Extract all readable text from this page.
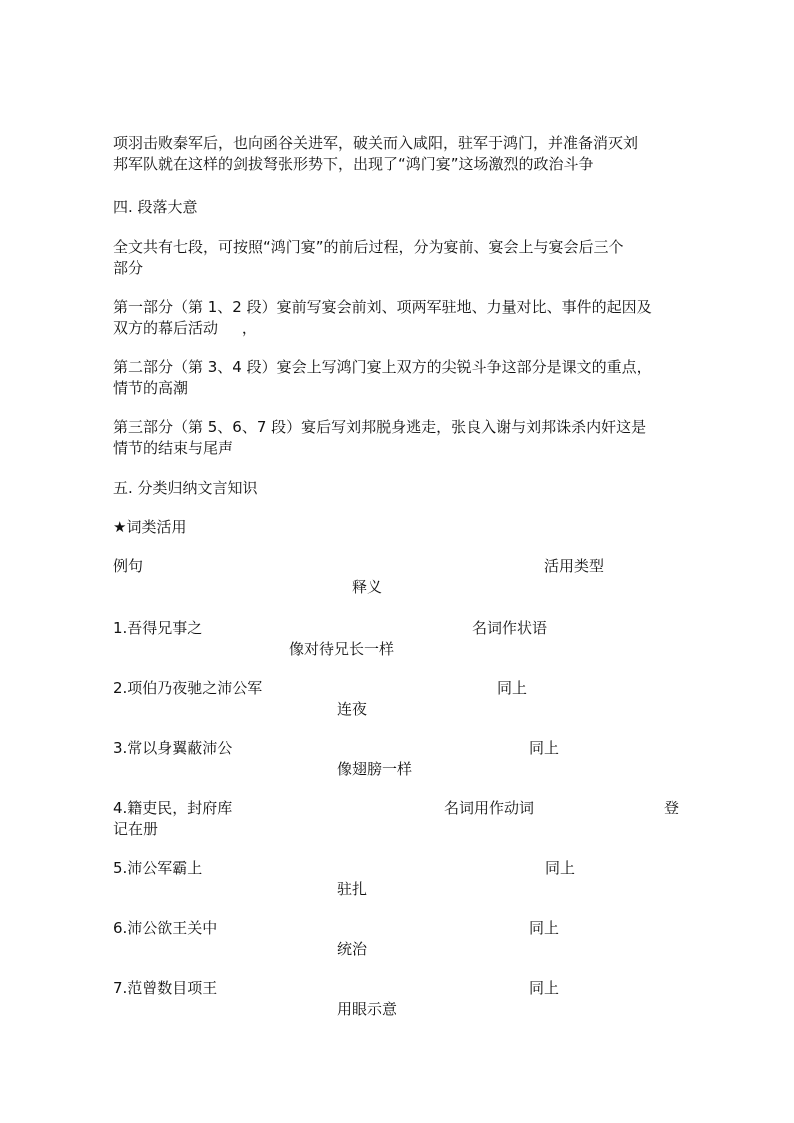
项羽击败秦军后，也向函谷关进军，破关而入咸阳，驻军于鸿门，并准备消灭刘
邦军队就在这样的剑拔弩张形势下，出现了“鸿门宴”这场激烈的政治斗争
四. 段落大意
全文共有七段，可按照“鸿门宴”的前后过程，分为宴前、宴会上与宴会后三个
部分
第一部分（第 1、2 段）宴前写宴会前刘、项两军驻地、力量对比、事件的起因及
双方的幕后活动     ，
第二部分（第 3、4 段）宴会上写鸿门宴上双方的尖锐斗争这部分是课文的重点，
情节的高潮
第三部分（第 5、6、7 段）宴后写刘邦脱身逃走，张良入谢与刘邦诛杀内奸这是
情节的结束与尾声
五. 分类归纳文言知识
★词类活用
例句	活用类型
释义
1.吾得兄事之	名词作状语
像对待兄长一样
2.项伯乃夜驰之沛公军	同上
连夜
3.常以身翼蔽沛公	同上
像翅膀一样
4.籍吏民，封府库	名词用作动词	登
记在册
5.沛公军霸上	同上
驻扎
6.沛公欲王关中	同上
统治
7.范曾数目项王	同上
用眼示意
